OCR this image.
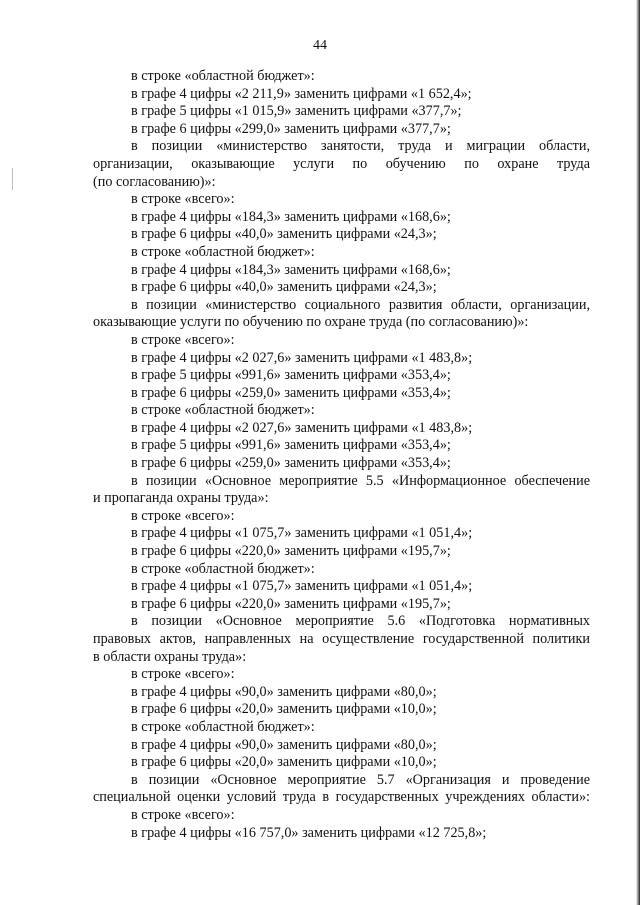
44
в строке «областной бюджет»:
в графе 4 цифры «2 211,9» заменить цифрами «1 652,4»;
в графе 5 цифры «1 015,9» заменить цифрами «377,7»;
в графе 6 цифры «299,0» заменить цифрами «377,7»;
в позиции «министерство занятости, труда и миграции области,
организации, оказывающие услуги по обучению по охране труда
(по согласованию)»:
в строке «всего»:
в графе 4 цифры «184,3» заменить цифрами «168,6»;
в графе 6 цифры «40,0» заменить цифрами «24,3»;
в строке «областной бюджет»:
в графе 4 цифры «184,3» заменить цифрами «168,6»;
в графе 6 цифры «40,0» заменить цифрами «24,3»;
в позиции «министерство социального развития области, организации,
оказывающие услуги по обучению по охране труда (по согласованию)»:
в строке «всего»:
в графе 4 цифры «2 027,6» заменить цифрами «1 483,8»;
в графе 5 цифры «991,6» заменить цифрами «353,4»;
в графе 6 цифры «259,0» заменить цифрами «353,4»;
в строке «областной бюджет»:
в графе 4 цифры «2 027,6» заменить цифрами «1 483,8»;
в графе 5 цифры «991,6» заменить цифрами «353,4»;
в графе 6 цифры «259,0» заменить цифрами «353,4»;
в позиции «Основное мероприятие 5.5 «Информационное обеспечение
и пропаганда охраны труда»:
в строке «всего»:
в графе 4 цифры «1 075,7» заменить цифрами «1 051,4»;
в графе 6 цифры «220,0» заменить цифрами «195,7»;
в строке «областной бюджет»:
в графе 4 цифры «1 075,7» заменить цифрами «1 051,4»;
в графе 6 цифры «220,0» заменить цифрами «195,7»;
в позиции «Основное мероприятие 5.6 «Подготовка нормативных
правовых актов, направленных на осуществление государственной политики
в области охраны труда»:
в строке «всего»:
в графе 4 цифры «90,0» заменить цифрами «80,0»;
в графе 6 цифры «20,0» заменить цифрами «10,0»;
в строке «областной бюджет»:
в графе 4 цифры «90,0» заменить цифрами «80,0»;
в графе 6 цифры «20,0» заменить цифрами «10,0»;
в позиции «Основное мероприятие 5.7 «Организация и проведение
специальной оценки условий труда в государственных учреждениях области»:
в строке «всего»:
в графе 4 цифры «16 757,0» заменить цифрами «12 725,8»;
